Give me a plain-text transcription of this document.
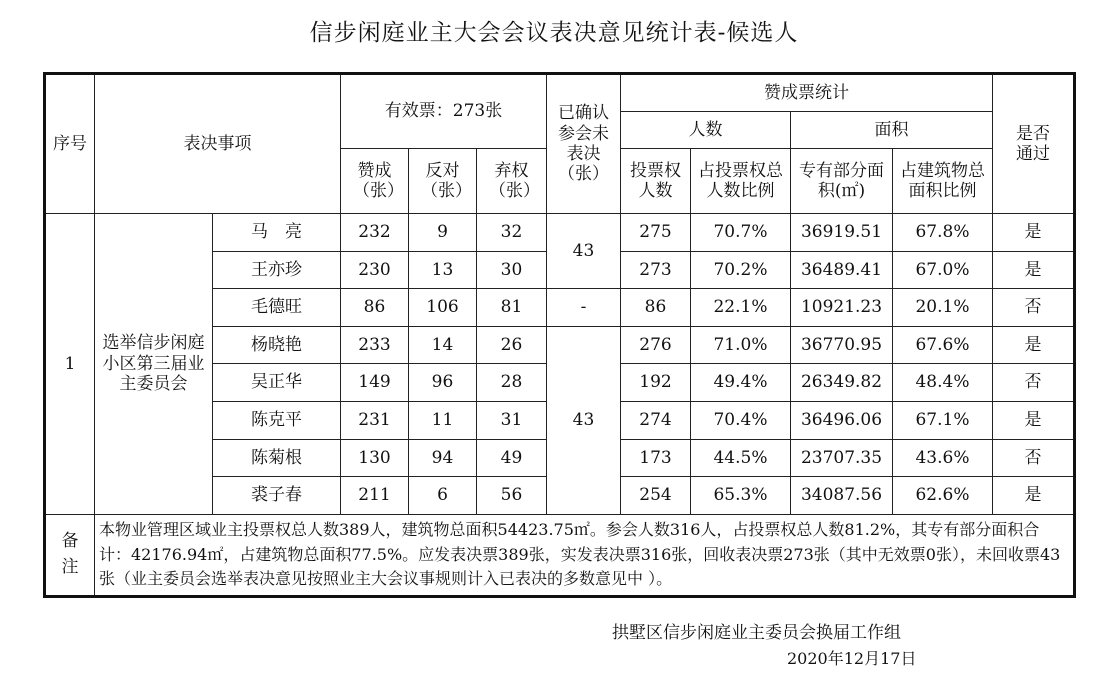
信步闲庭业主大会会议表决意见统计表-候选人
序号	表决事项		有效票：273张			已确认参会未表决（张）	赞成票统计				是否通过
							人数		面积		
			赞成（张）	反对（张）	弃权（张）		投票权人数	占投票权总人数比例	专有部分面积(㎡)	占建筑物总面积比例	
1	选举信步闲庭小区第三届业主委员会	马　亮	232	9	32	43	275	70.7%	36919.51	67.8%	是
		王亦珍	230	13	30		273	70.2%	36489.41	67.0%	是
		毛德旺	86	106	81	-	86	22.1%	10921.23	20.1%	否
		杨晓艳	233	14	26	43	276	71.0%	36770.95	67.6%	是
		吴正华	149	96	28		192	49.4%	26349.82	48.4%	否
		陈克平	231	11	31		274	70.4%	36496.06	67.1%	是
		陈菊根	130	94	49		173	44.5%	23707.35	43.6%	否
		裘子春	211	6	56		254	65.3%	34087.56	62.6%	是
备注	本物业管理区域业主投票权总人数389人，建筑物总面积54423.75㎡。参会人数316人，占投票权总人数81.2%，其专有部分面积合计：42176.94㎡，占建筑物总面积77.5%。应发表决票389张，实发表决票316张，回收表决票273张（其中无效票0张），未回收票43张（业主委员会选举表决意见按照业主大会议事规则计入已表决的多数意见中 ）。										
拱墅区信步闲庭业主委员会换届工作组
2020年12月17日
